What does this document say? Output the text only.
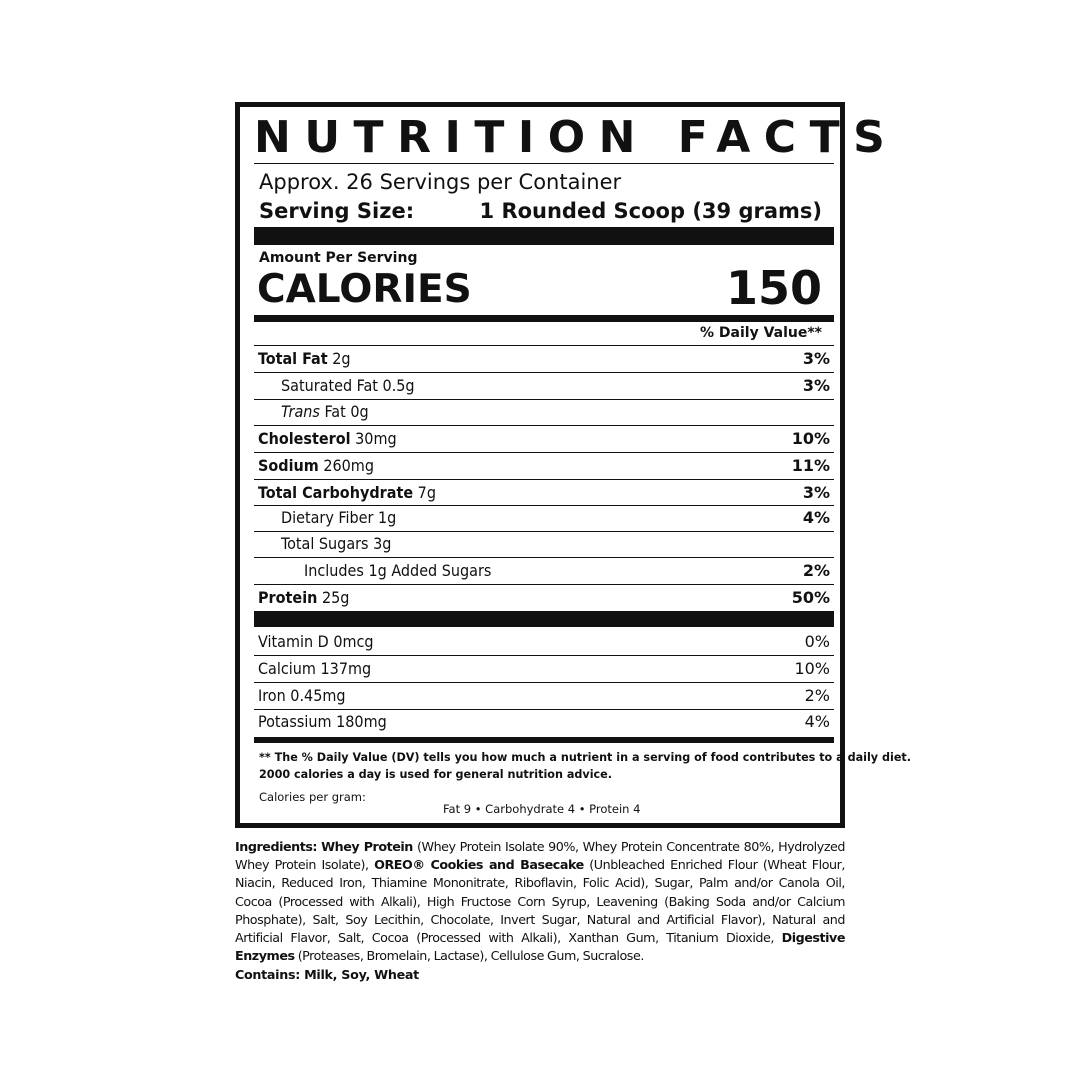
NUTRITION FACTS

Approx. 26 Servings per Container

Serving Size:	1 Rounded Scoop (39 grams)

Amount Per Serving

CALORIES	150

% Daily Value**

Total Fat 2g	3%
Saturated Fat 0.5g	3%
Trans Fat 0g
Cholesterol 30mg	10%
Sodium 260mg	11%
Total Carbohydrate 7g	3%
Dietary Fiber 1g	4%
Total Sugars 3g
Includes 1g Added Sugars	2%
Protein 25g	50%
Vitamin D 0mcg	0%
Calcium 137mg	10%
Iron 0.45mg	2%
Potassium 180mg	4%

** The % Daily Value (DV) tells you how much a nutrient in a serving of food contributes to a daily diet.
2000 calories a day is used for general nutrition advice.

Calories per gram:

Fat 9 • Carbohydrate 4 • Protein 4

Ingredients: Whey Protein (Whey Protein Isolate 90%, Whey Protein Concentrate 80%, Hydrolyzed Whey Protein Isolate), OREO® Cookies and Basecake (Unbleached Enriched Flour (Wheat Flour, Niacin, Reduced Iron, Thiamine Mononitrate, Riboflavin, Folic Acid), Sugar, Palm and/or Canola Oil, Cocoa (Processed with Alkali), High Fructose Corn Syrup, Leavening (Baking Soda and/or Calcium Phosphate), Salt, Soy Lecithin, Chocolate, Invert Sugar, Natural and Artificial Flavor), Natural and Artificial Flavor, Salt, Cocoa (Processed with Alkali), Xanthan Gum, Titanium Dioxide, Digestive Enzymes (Proteases, Bromelain, Lactase), Cellulose Gum, Sucralose.

Contains: Milk, Soy, Wheat
